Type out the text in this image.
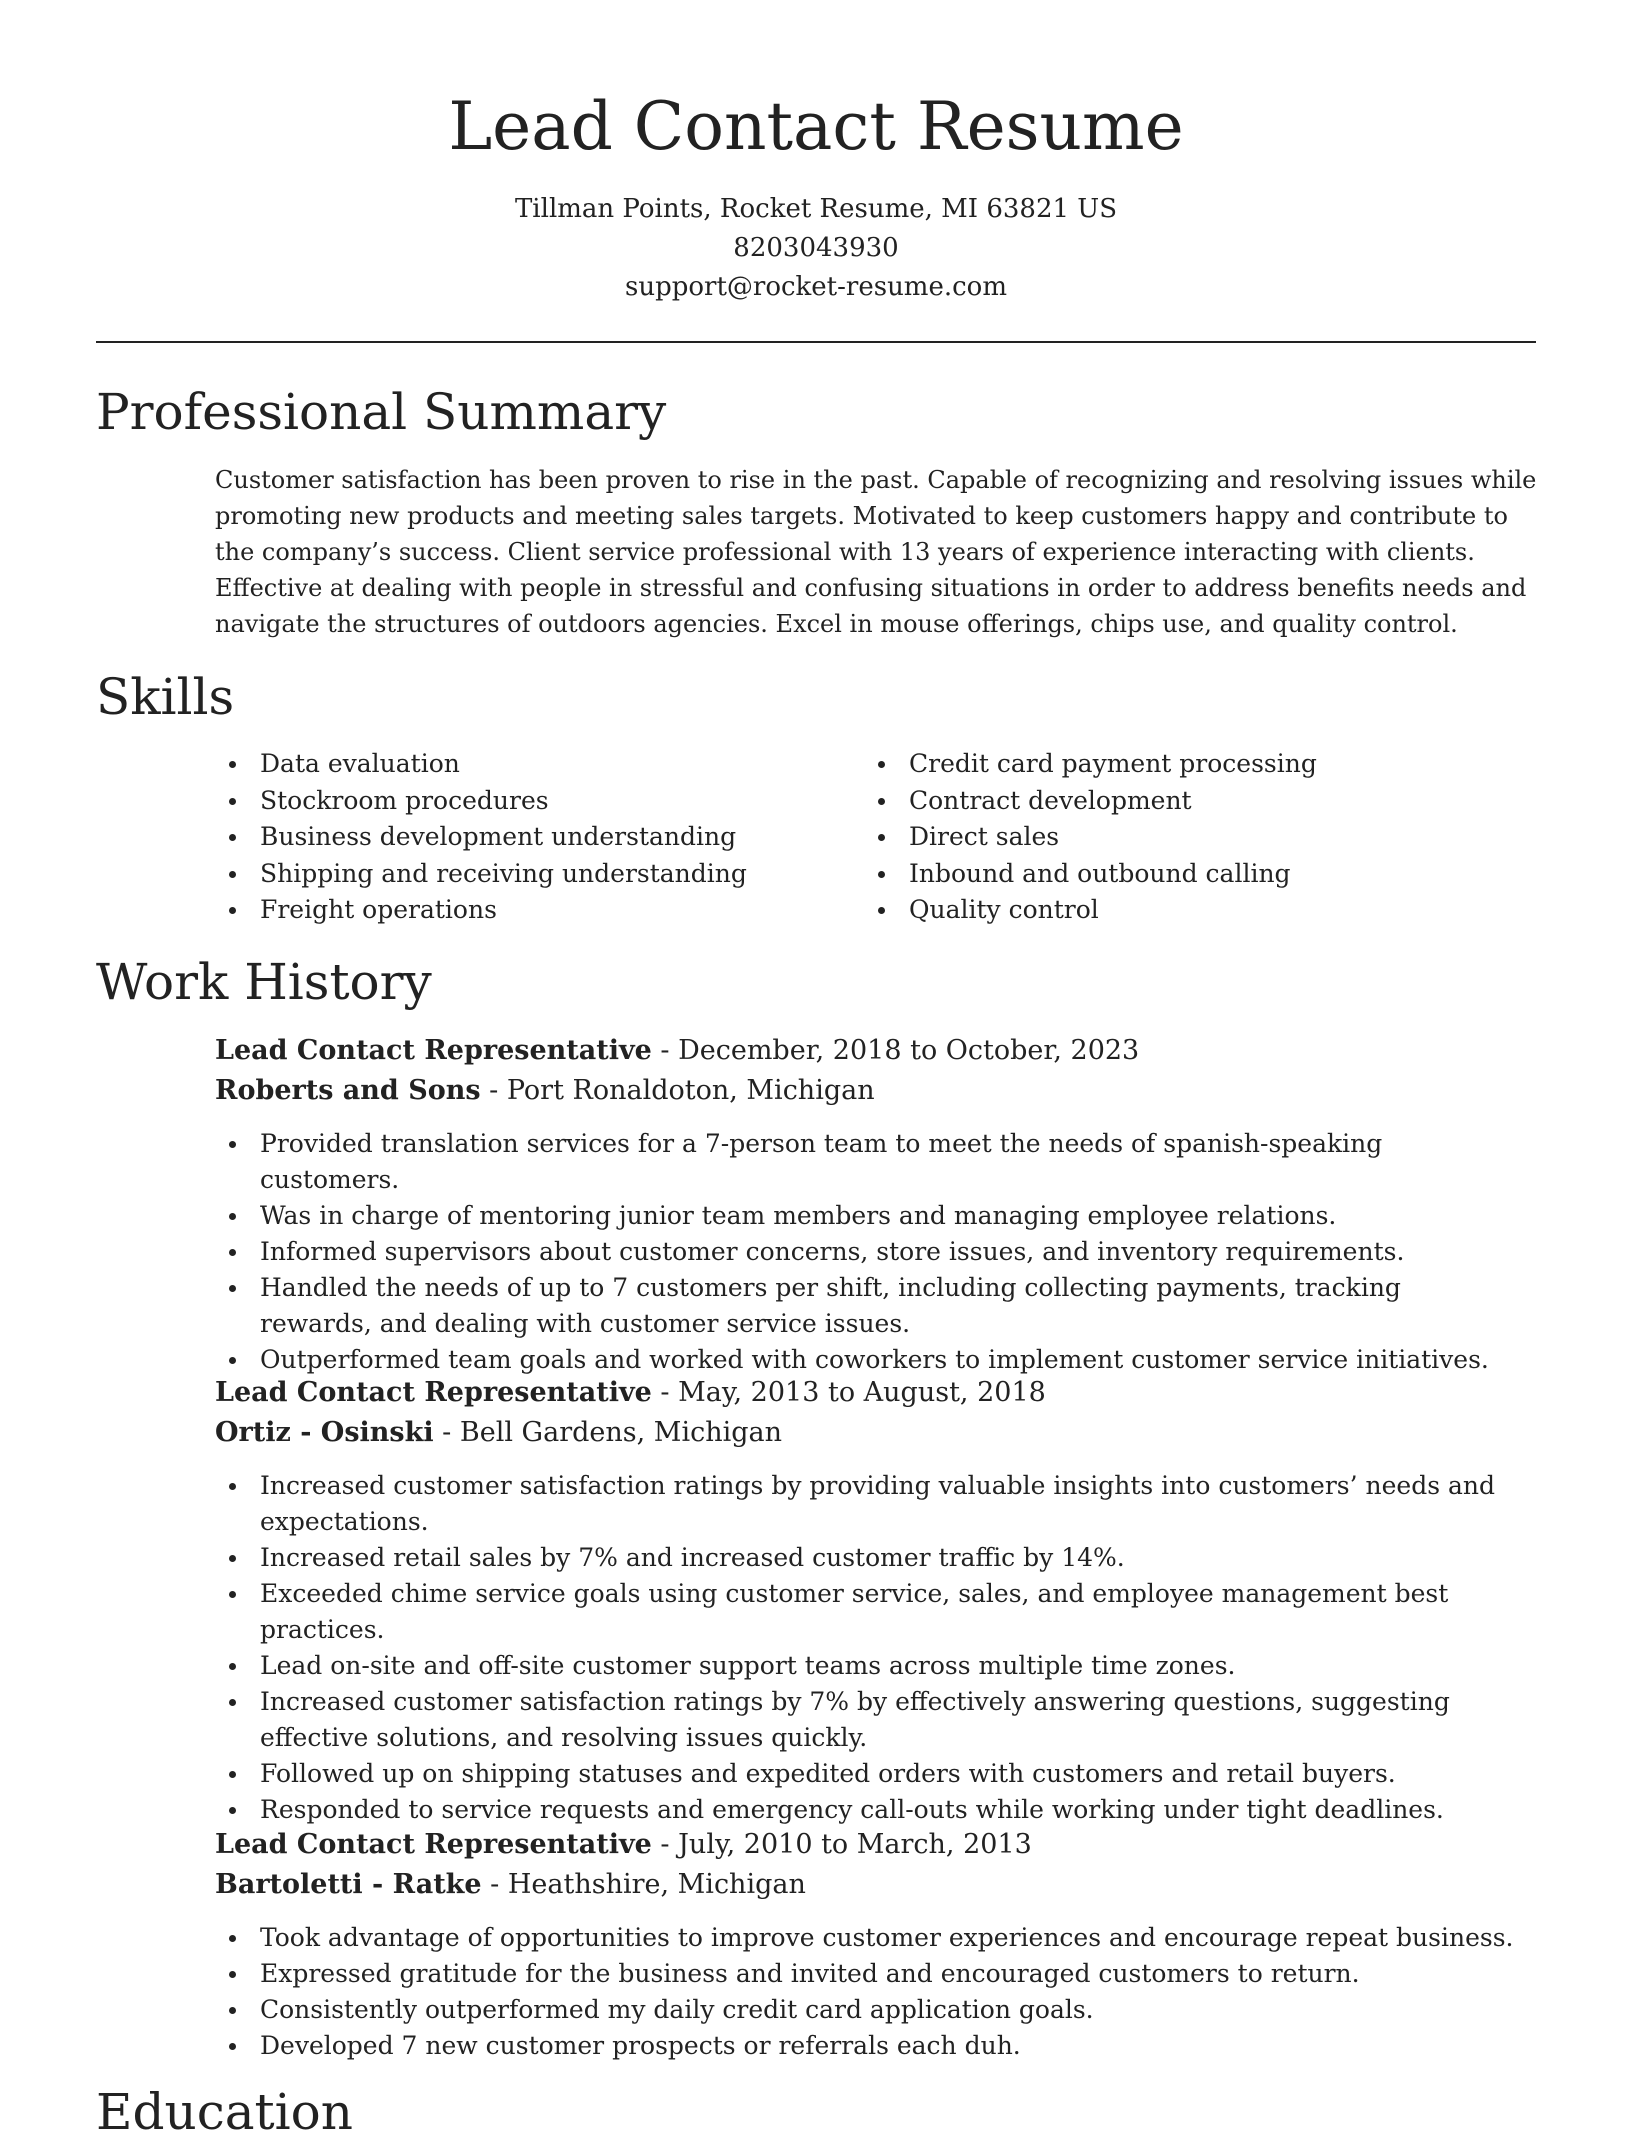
Lead Contact Resume
Tillman Points, Rocket Resume, MI 63821 US
8203043930
support@rocket-resume.com
Professional Summary

Customer satisfaction has been proven to rise in the past. Capable of recognizing and resolving issues while promoting new products and meeting sales targets. Motivated to keep customers happy and contribute to the company’s success. Client service professional with 13 years of experience interacting with clients. Effective at dealing with people in stressful and confusing situations in order to address benefits needs and navigate the structures of outdoors agencies. Excel in mouse offerings, chips use, and quality control.

Skills
Data evaluation
Stockroom procedures
Business development understanding
Shipping and receiving understanding
Freight operations
Credit card payment processing
Contract development
Direct sales
Inbound and outbound calling
Quality control
Work History
Lead Contact Representative - December, 2018 to October, 2023
Roberts and Sons - Port Ronaldoton, Michigan
Provided translation services for a 7-person team to meet the needs of spanish-speaking customers.
Was in charge of mentoring junior team members and managing employee relations.
Informed supervisors about customer concerns, store issues, and inventory requirements.
Handled the needs of up to 7 customers per shift, including collecting payments, tracking rewards, and dealing with customer service issues.
Outperformed team goals and worked with coworkers to implement customer service initiatives.
Lead Contact Representative - May, 2013 to August, 2018
Ortiz - Osinski - Bell Gardens, Michigan
Increased customer satisfaction ratings by providing valuable insights into customers’ needs and expectations.
Increased retail sales by 7% and increased customer traffic by 14%.
Exceeded chime service goals using customer service, sales, and employee management best practices.
Lead on-site and off-site customer support teams across multiple time zones.
Increased customer satisfaction ratings by 7% by effectively answering questions, suggesting effective solutions, and resolving issues quickly.
Followed up on shipping statuses and expedited orders with customers and retail buyers.
Responded to service requests and emergency call-outs while working under tight deadlines.
Lead Contact Representative - July, 2010 to March, 2013
Bartoletti - Ratke - Heathshire, Michigan
Took advantage of opportunities to improve customer experiences and encourage repeat business.
Expressed gratitude for the business and invited and encouraged customers to return.
Consistently outperformed my daily credit card application goals.
Developed 7 new customer prospects or referrals each duh.
Education
